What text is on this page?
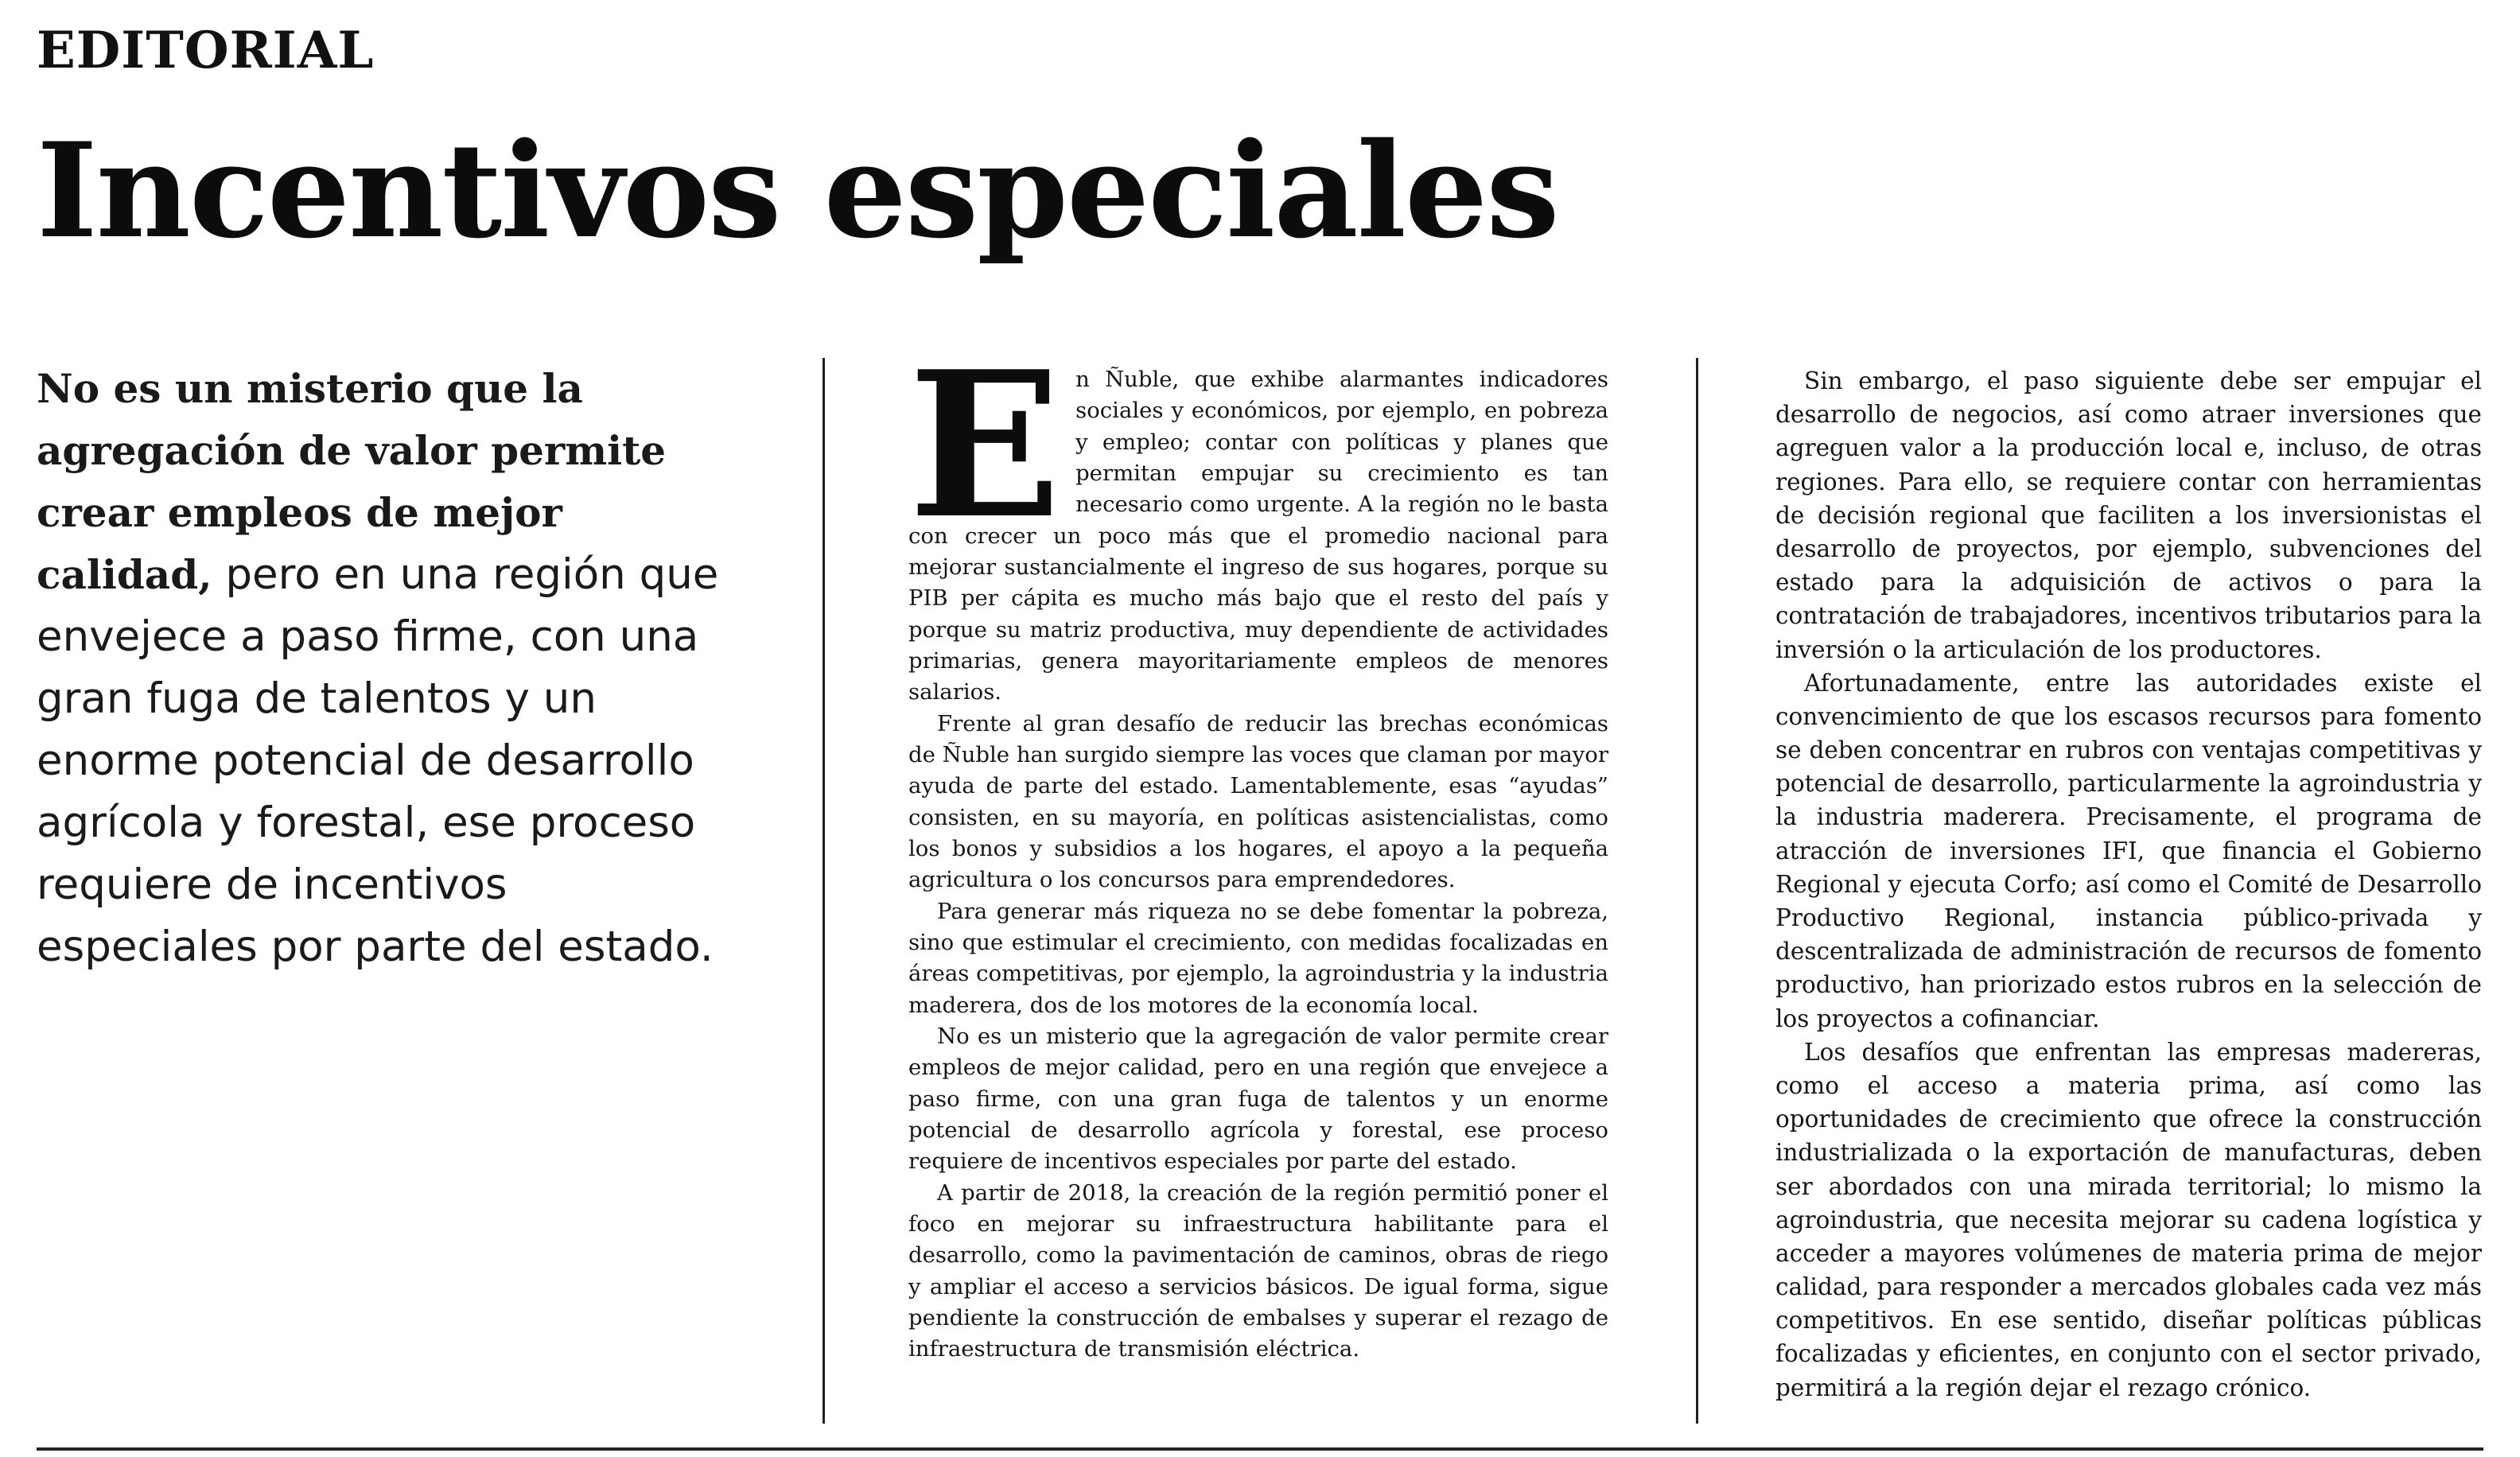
EDITORIAL
Incentivos especiales
No es un misterio que la agregación de valor permite crear empleos de mejor calidad, pero en una región que envejece a paso firme, con una gran fuga de talentos y un enorme potencial de desarrollo agrícola y forestal, ese proceso requiere de incentivos especiales por parte del estado.

En Ñuble, que exhibe alarmantes indicadores sociales y económicos, por ejemplo, en pobreza y empleo; contar con políticas y planes que permitan empujar su crecimiento es tan necesario como urgente. A la región no le basta con crecer un poco más que el promedio nacional para mejorar sustancialmente el ingreso de sus hogares, porque su PIB per cápita es mucho más bajo que el resto del país y porque su matriz productiva, muy dependiente de actividades primarias, genera mayoritariamente empleos de menores salarios.

Frente al gran desafío de reducir las brechas económicas de Ñuble han surgido siempre las voces que claman por mayor ayuda de parte del estado. Lamentablemente, esas “ayudas” consisten, en su mayoría, en políticas asistencialistas, como los bonos y subsidios a los hogares, el apoyo a la pequeña agricultura o los concursos para emprendedores.

Para generar más riqueza no se debe fomentar la pobreza, sino que estimular el crecimiento, con medidas focalizadas en áreas competitivas, por ejemplo, la agroindustria y la industria maderera, dos de los motores de la economía local.

No es un misterio que la agregación de valor permite crear empleos de mejor calidad, pero en una región que envejece a paso firme, con una gran fuga de talentos y un enorme potencial de desarrollo agrícola y forestal, ese proceso requiere de incentivos especiales por parte del estado.

A partir de 2018, la creación de la región permitió poner el foco en mejorar su infraestructura habilitante para el desarrollo, como la pavimentación de caminos, obras de riego y ampliar el acceso a servicios básicos. De igual forma, sigue pendiente la construcción de embalses y superar el rezago de infraestructura de transmisión eléctrica.

Sin embargo, el paso siguiente debe ser empujar el desarrollo de negocios, así como atraer inversiones que agreguen valor a la producción local e, incluso, de otras regiones. Para ello, se requiere contar con herramientas de decisión regional que faciliten a los inversionistas el desarrollo de proyectos, por ejemplo, subvenciones del estado para la adquisición de activos o para la contratación de trabajadores, incentivos tributarios para la inversión o la articulación de los productores.

Afortunadamente, entre las autoridades existe el convencimiento de que los escasos recursos para fomento se deben concentrar en rubros con ventajas competitivas y potencial de desarrollo, particularmente la agroindustria y la industria maderera. Precisamente, el programa de atracción de inversiones IFI, que financia el Gobierno Regional y ejecuta Corfo; así como el Comité de Desarrollo Productivo Regional, instancia público-privada y descentralizada de administración de recursos de fomento productivo, han priorizado estos rubros en la selección de los proyectos a cofinanciar.

Los desafíos que enfrentan las empresas madereras, como el acceso a materia prima, así como las oportunidades de crecimiento que ofrece la construcción industrializada o la exportación de manufacturas, deben ser abordados con una mirada territorial; lo mismo la agroindustria, que necesita mejorar su cadena logística y acceder a mayores volúmenes de materia prima de mejor calidad, para responder a mercados globales cada vez más competitivos. En ese sentido, diseñar políticas públicas focalizadas y eficientes, en conjunto con el sector privado, permitirá a la región dejar el rezago crónico.
